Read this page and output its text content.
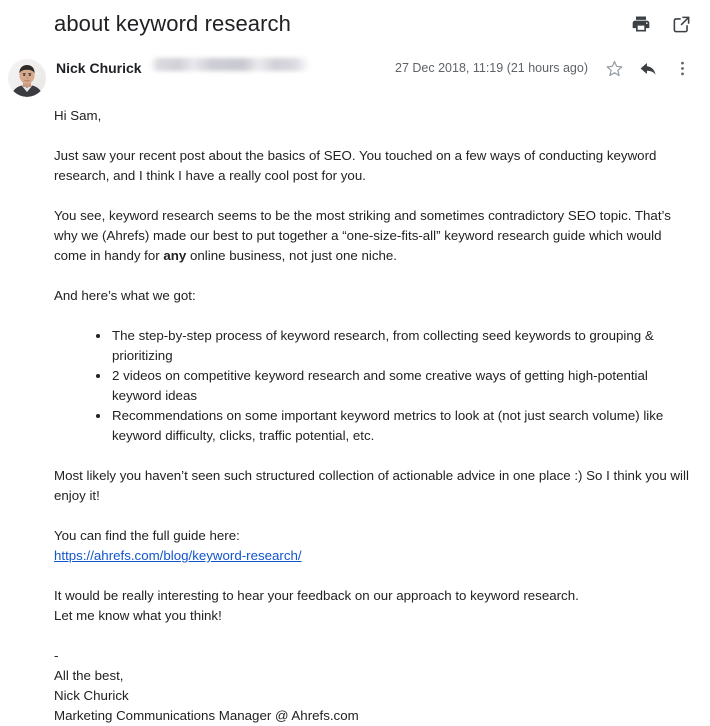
about keyword research
Nick Churick	27 Dec 2018, 11:19 (21 hours ago)

Hi Sam,

Just saw your recent post about the basics of SEO. You touched on a few ways of conducting keyword research, and I think I have a really cool post for you.

You see, keyword research seems to be the most striking and sometimes contradictory SEO topic. That’s why we (Ahrefs) made our best to put together a “one-size-fits-all” keyword research guide which would come in handy for any online business, not just one niche.

And here’s what we got:

The step-by-step process of keyword research, from collecting seed keywords to grouping & prioritizing
2 videos on competitive keyword research and some creative ways of getting high-potential keyword ideas
Recommendations on some important keyword metrics to look at (not just search volume) like keyword difficulty, clicks, traffic potential, etc.

Most likely you haven’t seen such structured collection of actionable advice in one place :) So I think you will enjoy it!

You can find the full guide here:
https://ahrefs.com/blog/keyword-research/

It would be really interesting to hear your feedback on our approach to keyword research.
Let me know what you think!

-
All the best,
Nick Churick
Marketing Communications Manager @ Ahrefs.com
